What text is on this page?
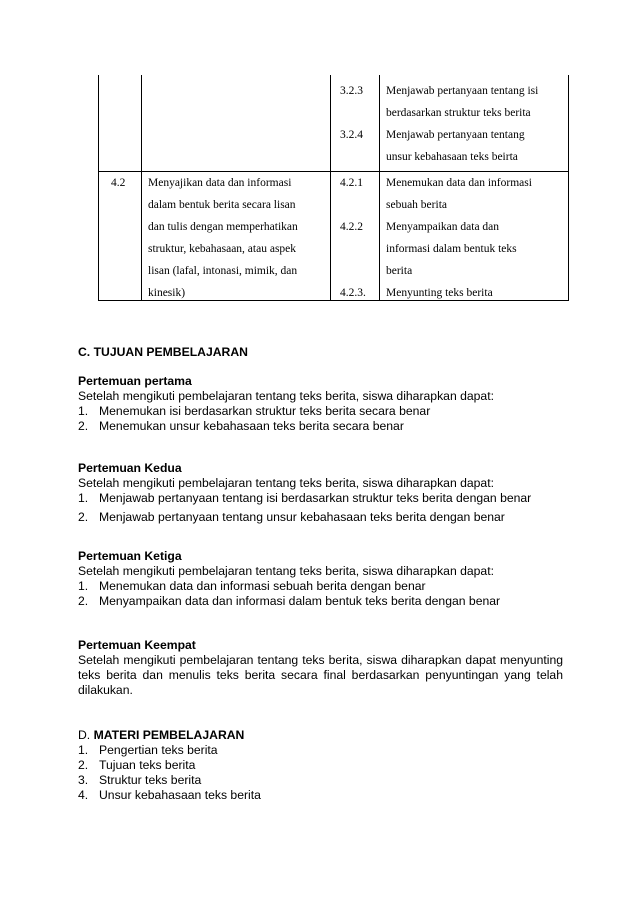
3.2.3
3.2.4
Menjawab pertanyaan tentang isi
berdasarkan struktur teks berita
Menjawab pertanyaan tentang
unsur kebahasaan teks beirta
4.2 Menyajikan data dan informasi
dalam bentuk berita secara lisan
dan tulis dengan memperhatikan
struktur, kebahasaan, atau aspek
lisan (lafal, intonasi, mimik, dan
kinesik)
4.2.1
4.2.2
4.2.3.
Menemukan data dan informasi
sebuah berita
Menyampaikan data dan
informasi dalam bentuk teks
berita
Menyunting teks berita
C. TUJUAN PEMBELAJARAN
Pertemuan pertama
Setelah mengikuti pembelajaran tentang teks berita, siswa diharapkan dapat:
1. Menemukan isi berdasarkan struktur teks berita secara benar
2. Menemukan unsur kebahasaan teks berita secara benar
Pertemuan Kedua
Setelah mengikuti pembelajaran tentang teks berita, siswa diharapkan dapat:
1. Menjawab pertanyaan tentang isi berdasarkan struktur teks berita dengan benar
2. Menjawab pertanyaan tentang unsur kebahasaan teks berita dengan benar
Pertemuan Ketiga
Setelah mengikuti pembelajaran tentang teks berita, siswa diharapkan dapat:
1. Menemukan data dan informasi sebuah berita dengan benar
2. Menyampaikan data dan informasi dalam bentuk teks berita dengan benar
Pertemuan Keempat
Setelah mengikuti pembelajaran tentang teks berita, siswa diharapkan dapat menyunting teks berita dan menulis teks berita secara final berdasarkan penyuntingan yang telah dilakukan.
D. MATERI PEMBELAJARAN
1. Pengertian teks berita
2. Tujuan teks berita
3. Struktur teks berita
4. Unsur kebahasaan teks berita
